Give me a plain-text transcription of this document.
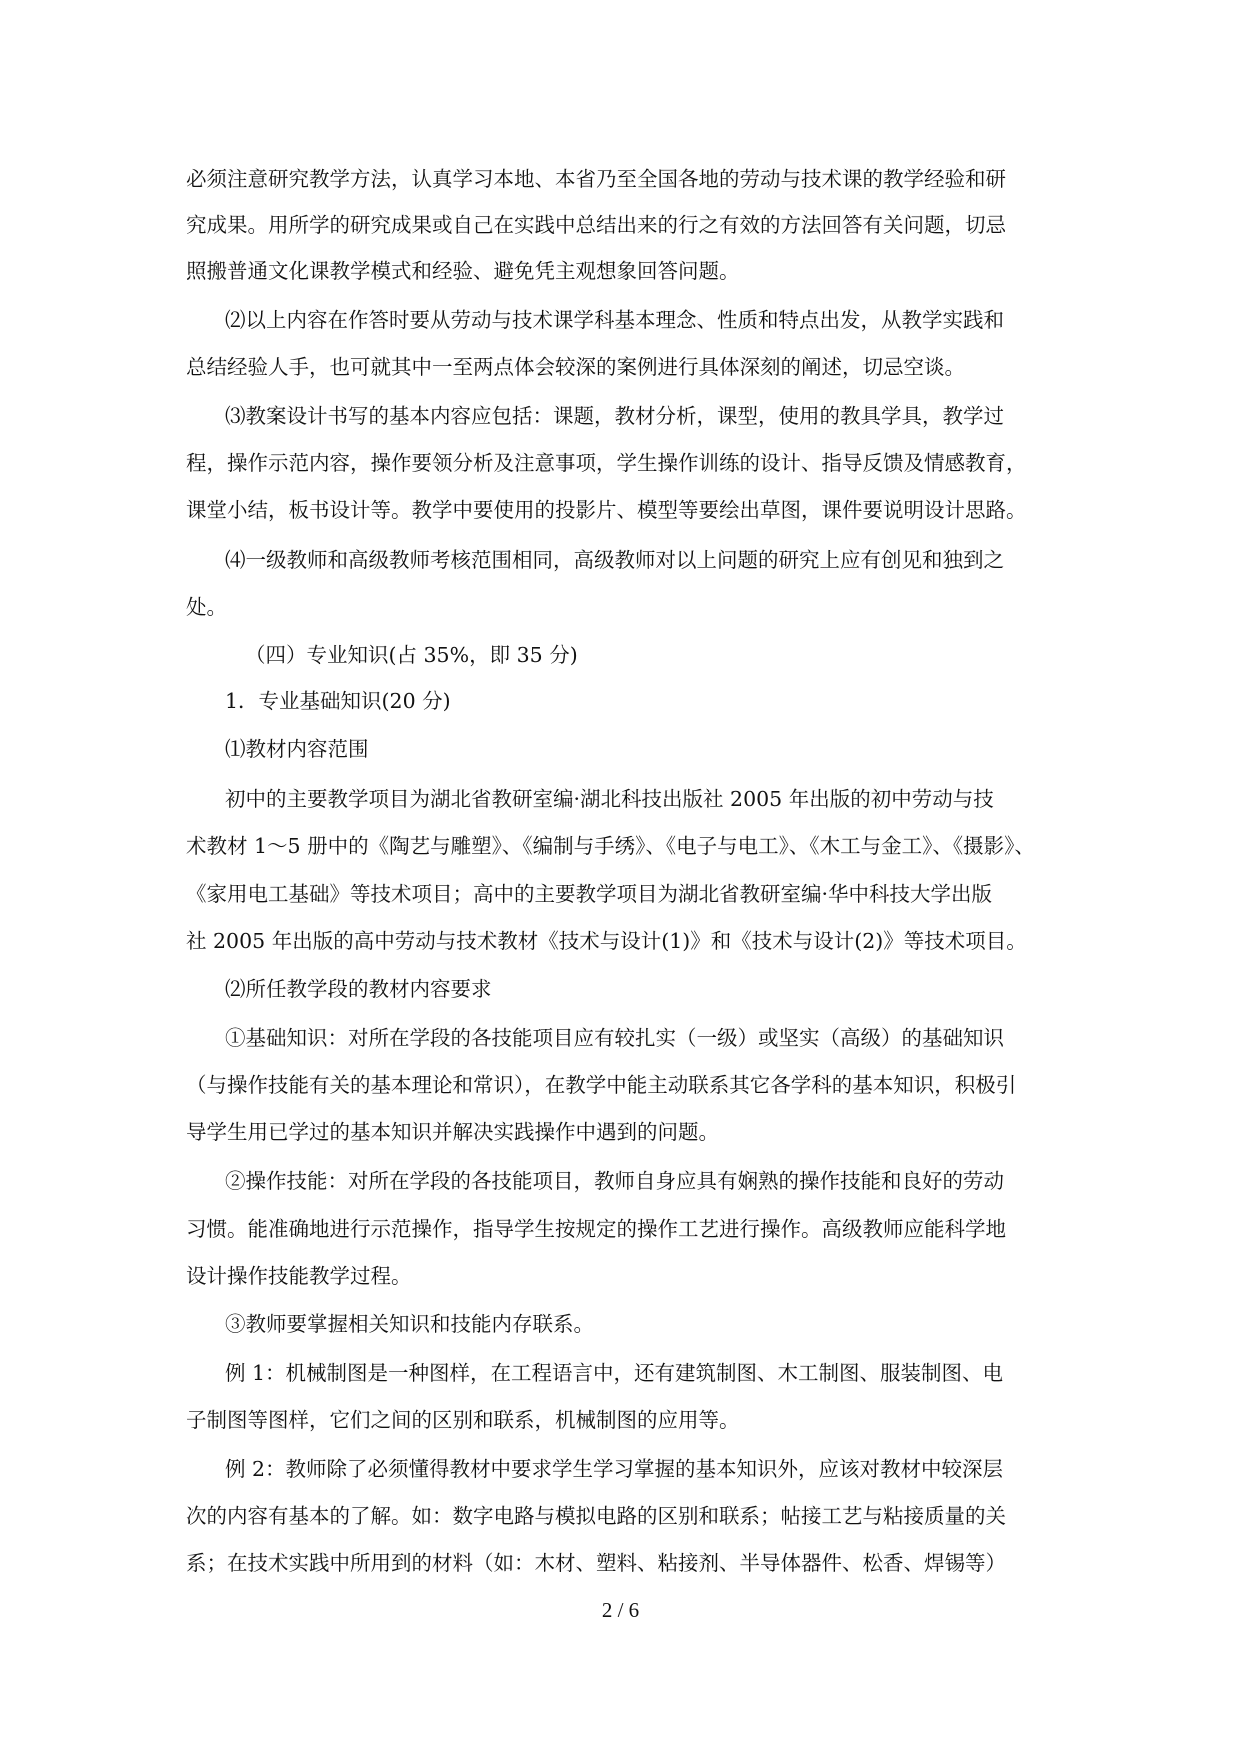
必须注意研究教学方法，认真学习本地、本省乃至全国各地的劳动与技术课的教学经验和研
究成果。用所学的研究成果或自己在实践中总结出来的行之有效的方法回答有关问题，切忌
照搬普通文化课教学模式和经验、避免凭主观想象回答问题。
⑵以上内容在作答时要从劳动与技术课学科基本理念、性质和特点出发，从教学实践和
总结经验人手，也可就其中一至两点体会较深的案例进行具体深刻的阐述，切忌空谈。
⑶教案设计书写的基本内容应包括：课题，教材分析，课型，使用的教具学具，教学过
程，操作示范内容，操作要领分析及注意事项，学生操作训练的设计、指导反馈及情感教育，
课堂小结，板书设计等。教学中要使用的投影片、模型等要绘出草图，课件要说明设计思路。
⑷一级教师和高级教师考核范围相同，高级教师对以上问题的研究上应有创见和独到之
处。
（四）专业知识(占 35%，即 35 分)
1．专业基础知识(20 分)
⑴教材内容范围
初中的主要教学项目为湖北省教研室编·湖北科技出版社 2005 年出版的初中劳动与技
术教材 1～5 册中的《陶艺与雕塑》、《编制与手绣》、《电子与电工》、《木工与金工》、《摄影》、
《家用电工基础》等技术项目；高中的主要教学项目为湖北省教研室编·华中科技大学出版
社 2005 年出版的高中劳动与技术教材《技术与设计(1)》和《技术与设计(2)》等技术项目。
⑵所任教学段的教材内容要求
①基础知识：对所在学段的各技能项目应有较扎实（一级）或坚实（高级）的基础知识
（与操作技能有关的基本理论和常识），在教学中能主动联系其它各学科的基本知识，积极引
导学生用已学过的基本知识并解决实践操作中遇到的问题。
②操作技能：对所在学段的各技能项目，教师自身应具有娴熟的操作技能和良好的劳动
习惯。能准确地进行示范操作，指导学生按规定的操作工艺进行操作。高级教师应能科学地
设计操作技能教学过程。
③教师要掌握相关知识和技能内存联系。
例 1：机械制图是一种图样，在工程语言中，还有建筑制图、木工制图、服装制图、电
子制图等图样，它们之间的区别和联系，机械制图的应用等。
例 2：教师除了必须懂得教材中要求学生学习掌握的基本知识外，应该对教材中较深层
次的内容有基本的了解。如：数字电路与模拟电路的区别和联系；帖接工艺与粘接质量的关
系；在技术实践中所用到的材料（如：木材、塑料、粘接剂、半导体器件、松香、焊锡等）
2 / 6
